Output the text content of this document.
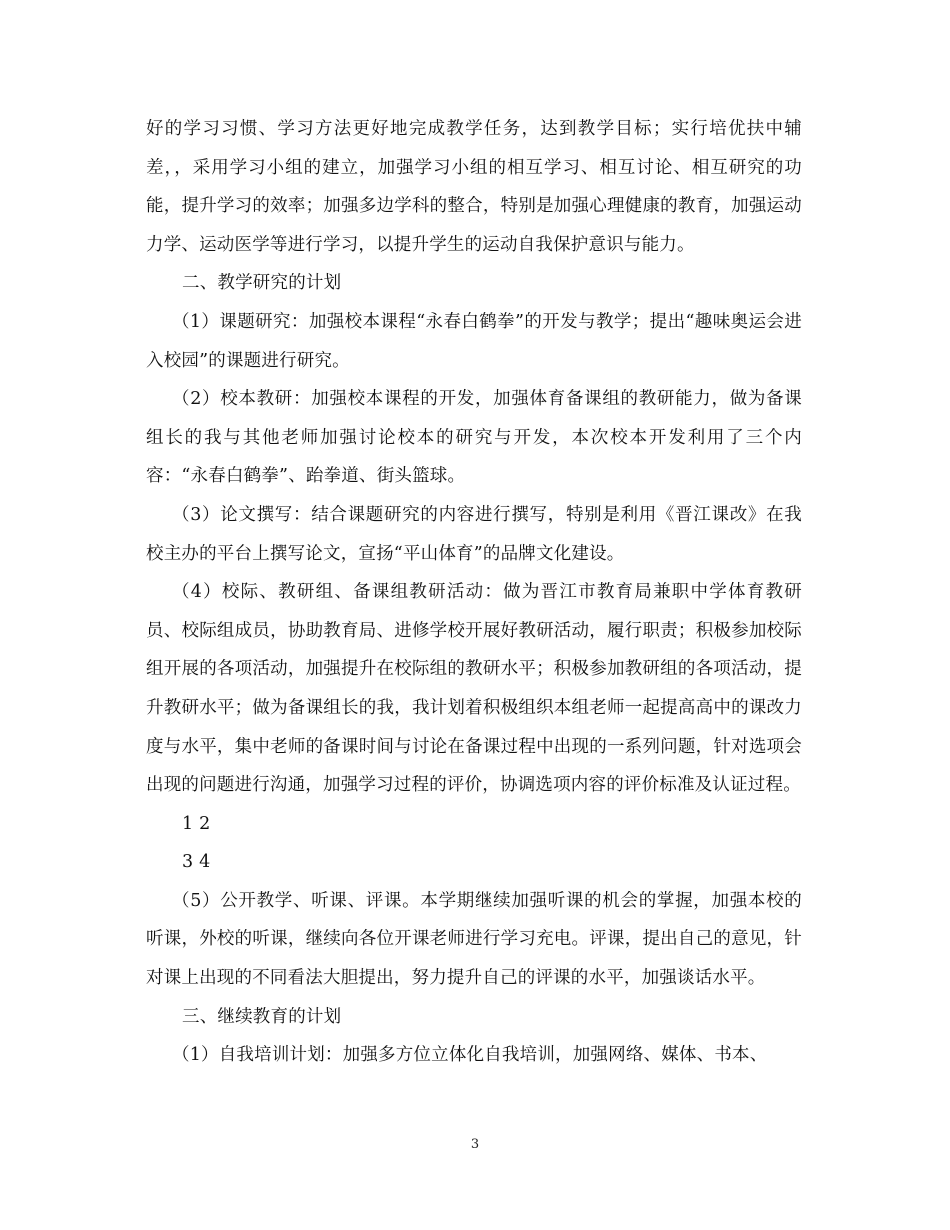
好的学习习惯、学习方法更好地完成教学任务，达到教学目标；实行培优扶中辅差，，采用学习小组的建立，加强学习小组的相互学习、相互讨论、相互研究的功能，提升学习的效率；加强多边学科的整合，特别是加强心理健康的教育，加强运动力学、运动医学等进行学习，以提升学生的运动自我保护意识与能力。

二、教学研究的计划

（1）课题研究：加强校本课程“永春白鹤拳”的开发与教学；提出“趣味奥运会进入校园”的课题进行研究。

（2）校本教研：加强校本课程的开发，加强体育备课组的教研能力，做为备课组长的我与其他老师加强讨论校本的研究与开发，本次校本开发利用了三个内容：“永春白鹤拳”、跆拳道、街头篮球。

（3）论文撰写：结合课题研究的内容进行撰写，特别是利用《晋江课改》在我校主办的平台上撰写论文，宣扬“平山体育”的品牌文化建设。

（4）校际、教研组、备课组教研活动：做为晋江市教育局兼职中学体育教研员、校际组成员，协助教育局、进修学校开展好教研活动，履行职责；积极参加校际组开展的各项活动，加强提升在校际组的教研水平；积极参加教研组的各项活动，提升教研水平；做为备课组长的我，我计划着积极组织本组老师一起提高高中的课改力度与水平，集中老师的备课时间与讨论在备课过程中出现的一系列问题，针对选项会出现的问题进行沟通，加强学习过程的评价，协调选项内容的评价标准及认证过程。

1 2

3 4

（5）公开教学、听课、评课。本学期继续加强听课的机会的掌握，加强本校的听课，外校的听课，继续向各位开课老师进行学习充电。评课，提出自己的意见，针对课上出现的不同看法大胆提出，努力提升自己的评课的水平，加强谈话水平。

三、继续教育的计划

（1）自我培训计划：加强多方位立体化自我培训，加强网络、媒体、书本、

3
